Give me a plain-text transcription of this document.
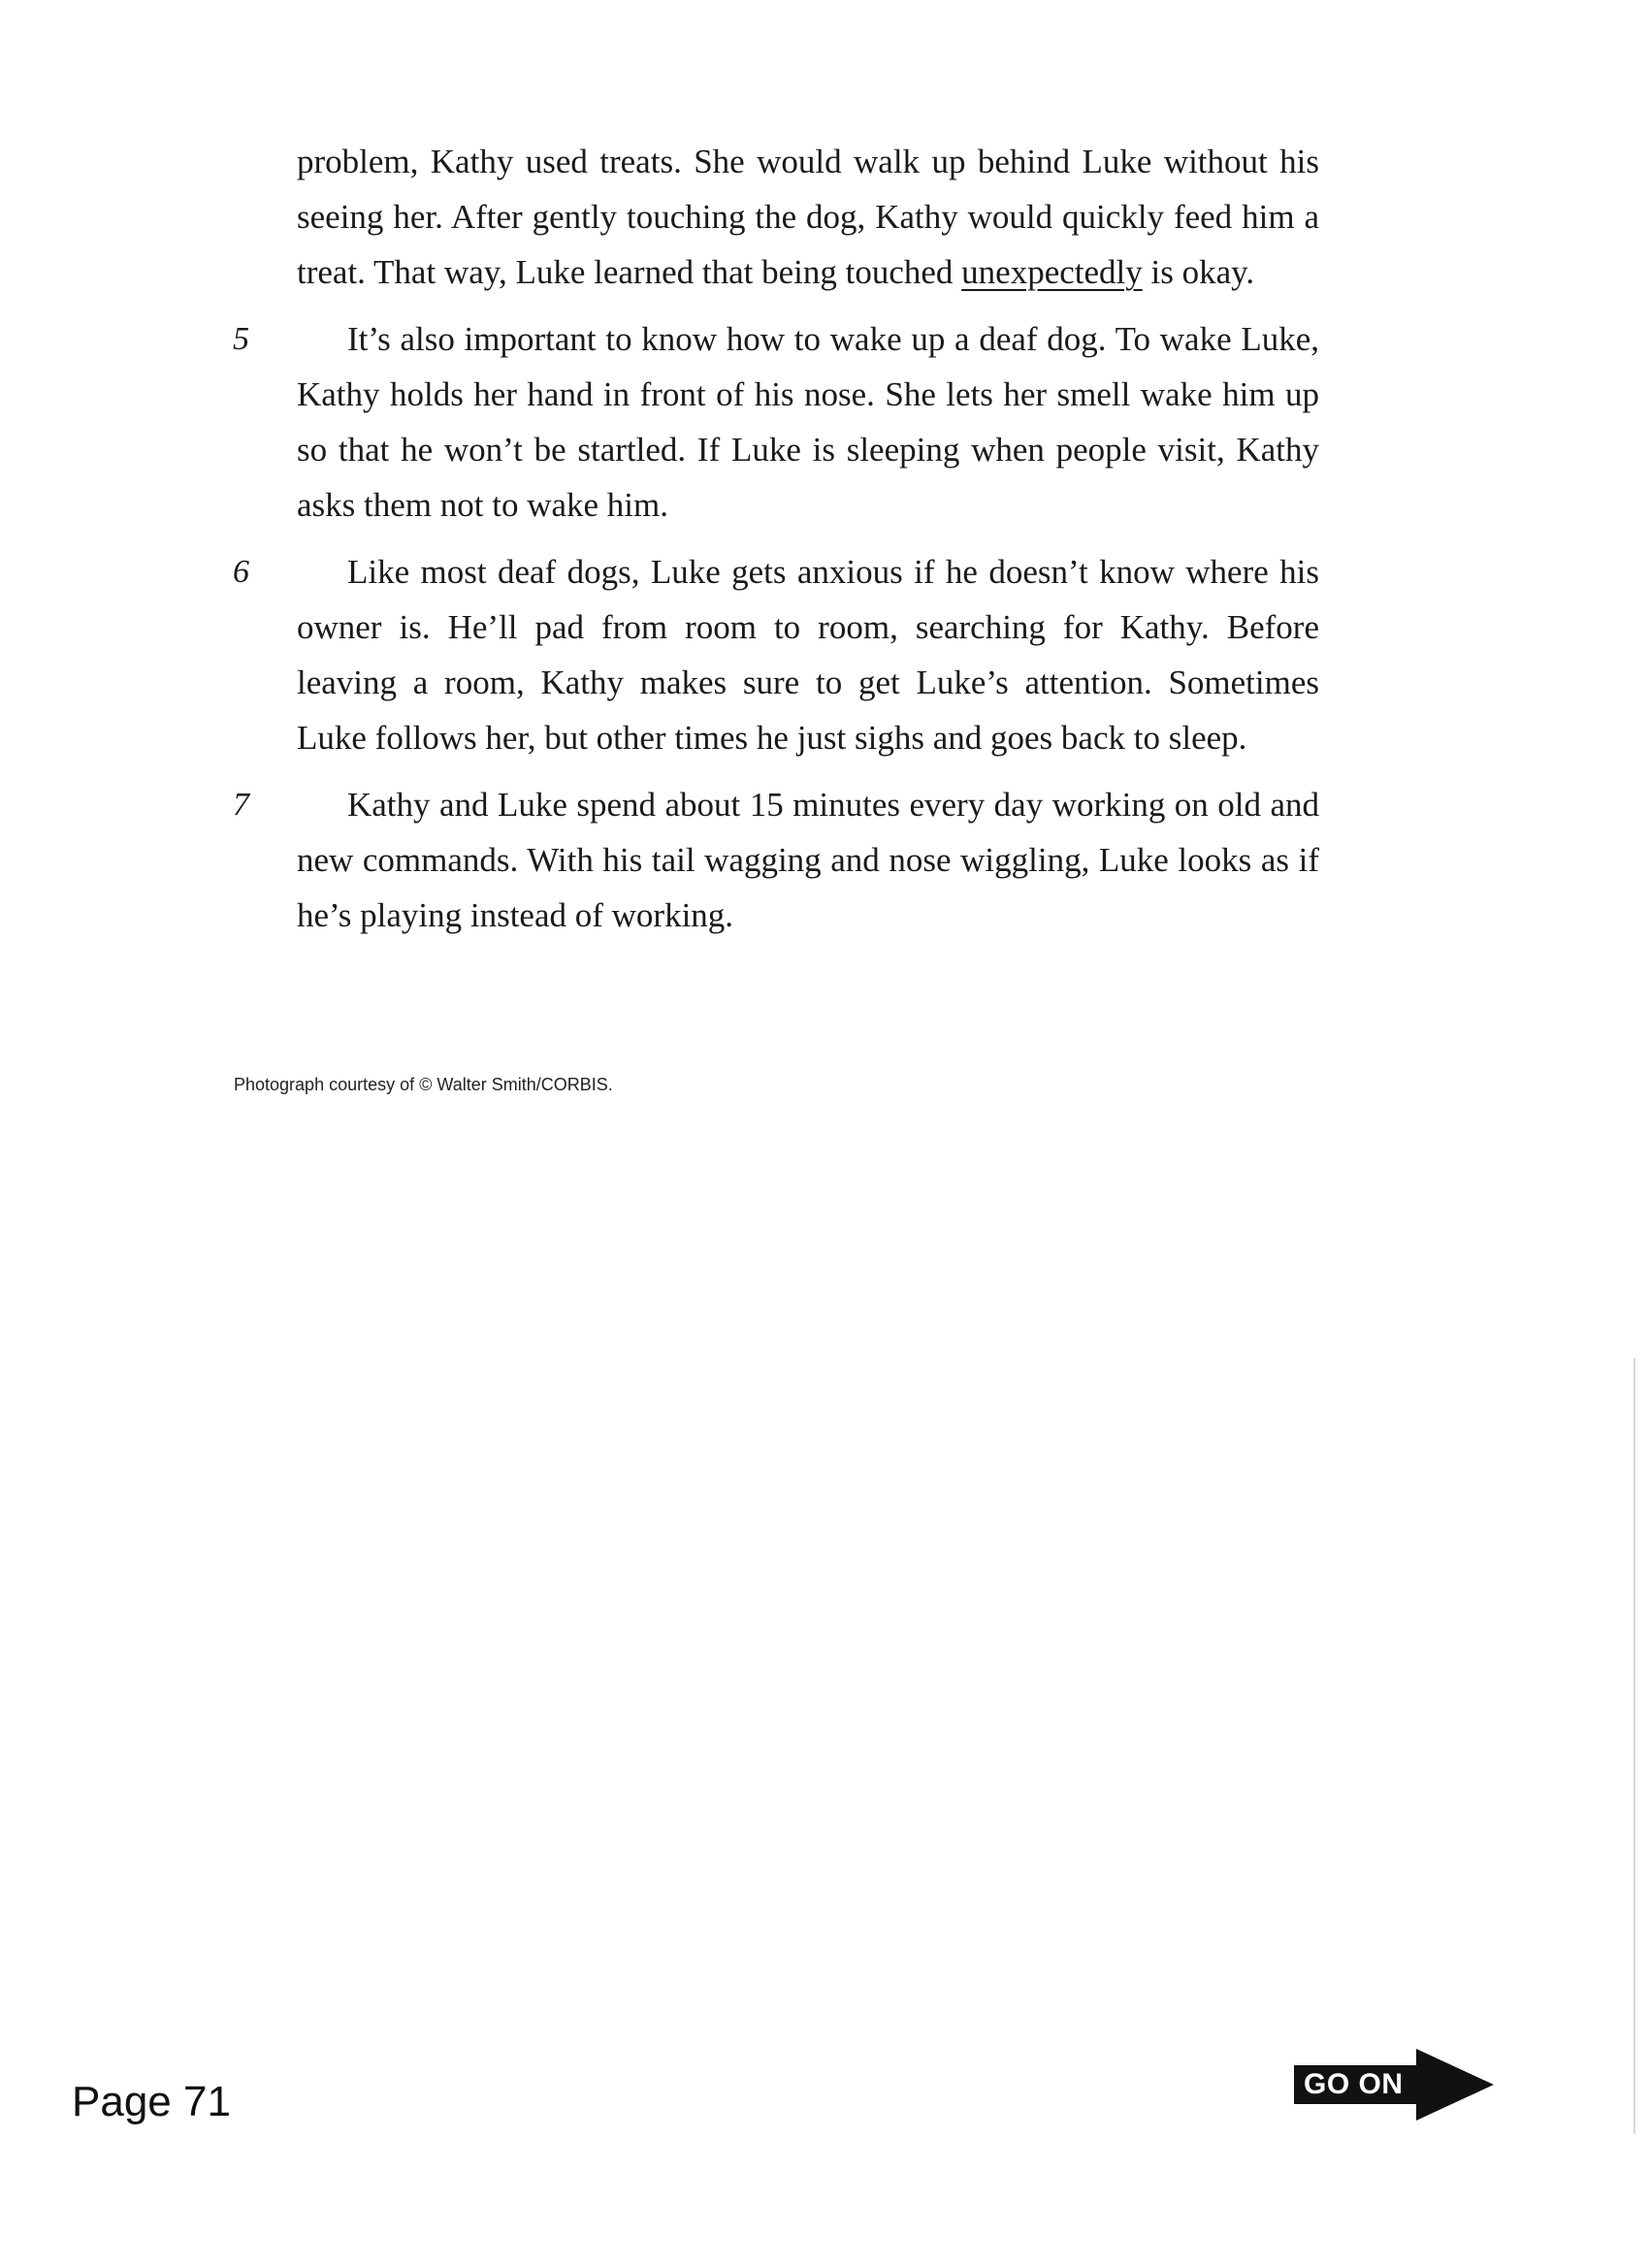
problem, Kathy used treats. She would walk up behind Luke without his seeing her. After gently touching the dog, Kathy would quickly feed him a treat. That way, Luke learned that being touched unexpectedly is okay.

5	It’s also important to know how to wake up a deaf dog. To wake Luke, Kathy holds her hand in front of his nose. She lets her smell wake him up so that he won’t be startled. If Luke is sleeping when people visit, Kathy asks them not to wake him.

6	Like most deaf dogs, Luke gets anxious if he doesn’t know where his owner is. He’ll pad from room to room, searching for Kathy. Before leaving a room, Kathy makes sure to get Luke’s attention. Sometimes Luke follows her, but other times he just sighs and goes back to sleep.

7	Kathy and Luke spend about 15 minutes every day working on old and new commands. With his tail wagging and nose wiggling, Luke looks as if he’s playing instead of working.

Photograph courtesy of © Walter Smith/CORBIS.
Page 71	GO ON
